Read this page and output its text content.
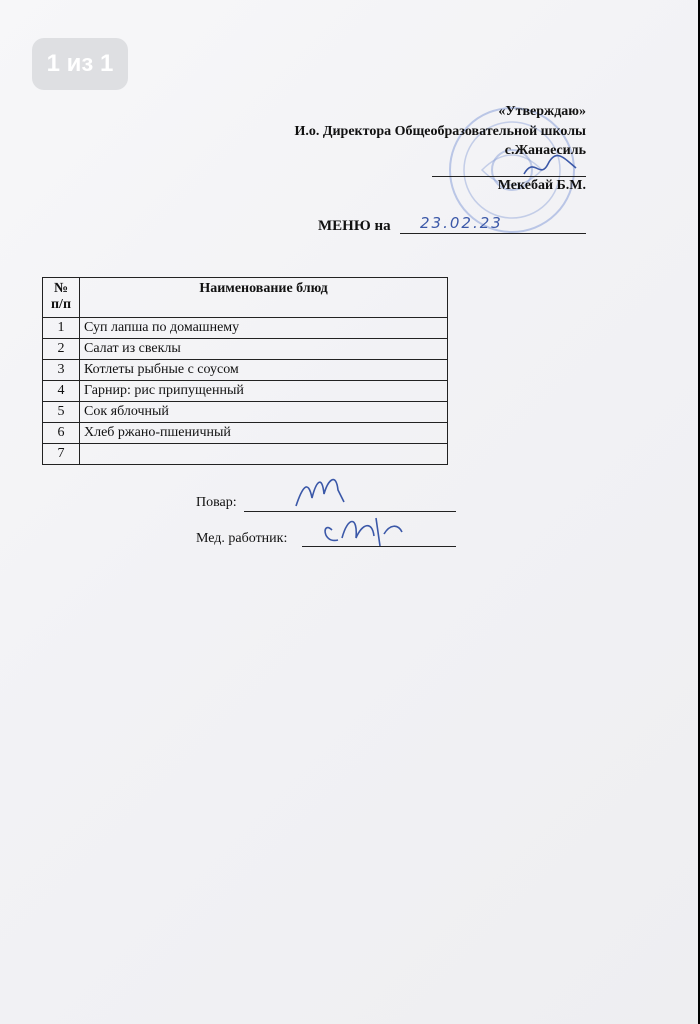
1 из 1
«Утверждаю»
И.о. Директора Общеобразовательной школы
с.Жанаесиль
Мекебай Б.М.
МЕНЮ на 23.02.23
№ п/п	Наименование блюд
1	Суп лапша по домашнему
2	Салат из свеклы
3	Котлеты рыбные с соусом
4	Гарнир: рис припущенный
5	Сок яблочный
6	Хлеб ржано-пшеничный
7	
Повар:
Мед. работник:
